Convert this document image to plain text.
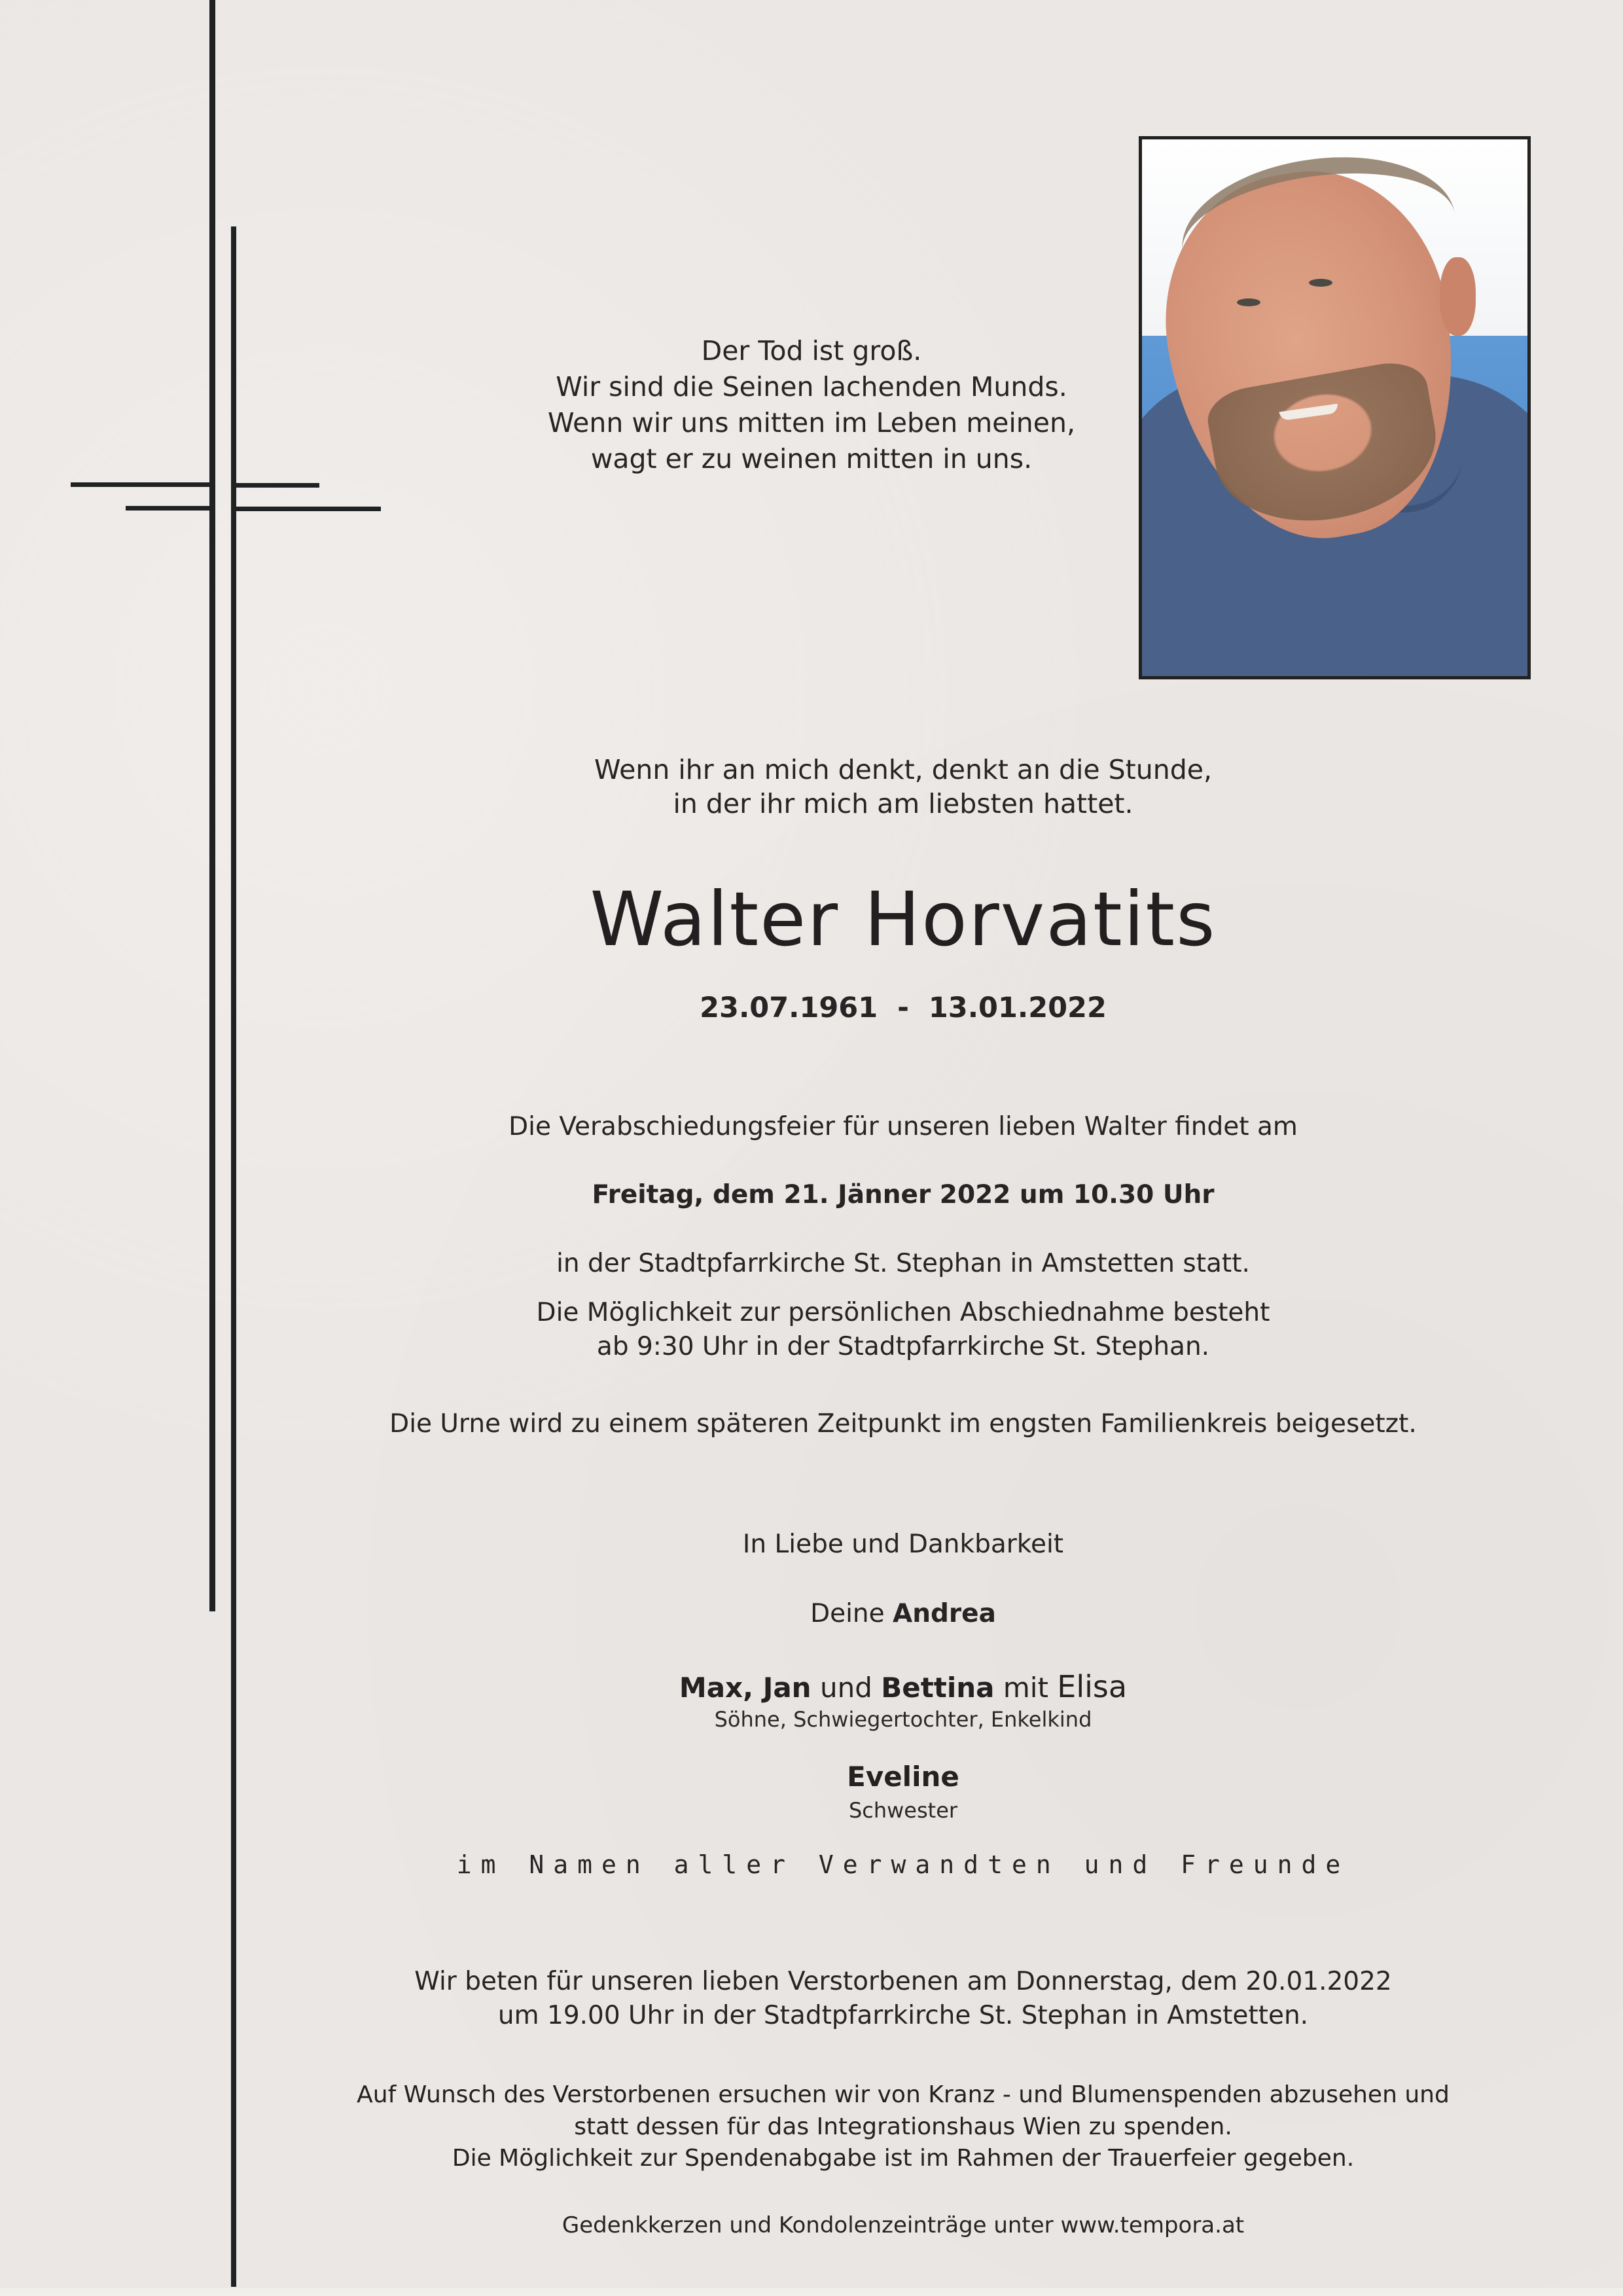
Der Tod ist groß.
Wir sind die Seinen lachenden Munds.
Wenn wir uns mitten im Leben meinen,
wagt er zu weinen mitten in uns.
Wenn ihr an mich denkt, denkt an die Stunde,
in der ihr mich am liebsten hattet.
Walter Horvatits
23.07.1961  -  13.01.2022
Die Verabschiedungsfeier für unseren lieben Walter findet am
Freitag, dem 21. Jänner 2022 um 10.30 Uhr
in der Stadtpfarrkirche St. Stephan in Amstetten statt.
Die Möglichkeit zur persönlichen Abschiednahme besteht
ab 9:30 Uhr in der Stadtpfarrkirche St. Stephan.
Die Urne wird zu einem späteren Zeitpunkt im engsten Familienkreis beigesetzt.
In Liebe und Dankbarkeit
Deine Andrea
Max, Jan und Bettina mit Elisa
Söhne, Schwiegertochter, Enkelkind
Eveline
Schwester
im Namen aller Verwandten und Freunde
Wir beten für unseren lieben Verstorbenen am Donnerstag, dem 20.01.2022
um 19.00 Uhr in der Stadtpfarrkirche St. Stephan in Amstetten.
Auf Wunsch des Verstorbenen ersuchen wir von Kranz - und Blumenspenden abzusehen und
statt dessen für das Integrationshaus Wien zu spenden.
Die Möglichkeit zur Spendenabgabe ist im Rahmen der Trauerfeier gegeben.
Gedenkkerzen und Kondolenzeinträge unter www.tempora.at
